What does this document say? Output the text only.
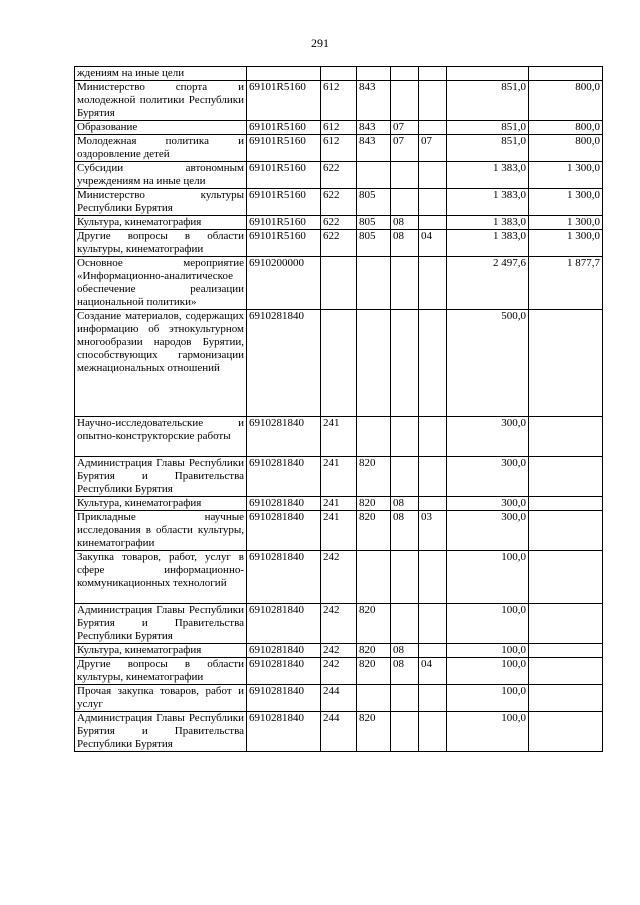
291
ждениям на иные цели							
Министерство спорта и молодежной политики Республики Бурятия	69101R5160	612	843			851,0	800,0
Образование	69101R5160	612	843	07		851,0	800,0
Молодежная политика и оздоровление детей	69101R5160	612	843	07	07	851,0	800,0
Субсидии автономным учреждениям на иные цели	69101R5160	622				1 383,0	1 300,0
Министерство культуры Республики Бурятия	69101R5160	622	805			1 383,0	1 300,0
Культура, кинематография	69101R5160	622	805	08		1 383,0	1 300,0
Другие вопросы в области культуры, кинематографии	69101R5160	622	805	08	04	1 383,0	1 300,0
Основное мероприятие «Информационно-аналитическое обеспечение реализации национальной политики»	6910200000					2 497,6	1 877,7
Создание материалов, содержащих информацию об этнокультурном многообразии народов Бурятии, способствующих гармонизации межнациональных отношений	6910281840					500,0	
Научно-исследовательские и опытно-конструкторские работы	6910281840	241				300,0	
Администрация Главы Республики Бурятия и Правительства Республики Бурятия	6910281840	241	820			300,0	
Культура, кинематография	6910281840	241	820	08		300,0	
Прикладные научные исследования в области культуры, кинематографии	6910281840	241	820	08	03	300,0	
Закупка товаров, работ, услуг в сфере информационно-коммуникационных технологий	6910281840	242				100,0	
Администрация Главы Республики Бурятия и Правительства Республики Бурятия	6910281840	242	820			100,0	
Культура, кинематография	6910281840	242	820	08		100,0	
Другие вопросы в области культуры, кинематографии	6910281840	242	820	08	04	100,0	
Прочая закупка товаров, работ и услуг	6910281840	244				100,0	
Администрация Главы Республики Бурятия и Правительства Республики Бурятия	6910281840	244	820			100,0	
